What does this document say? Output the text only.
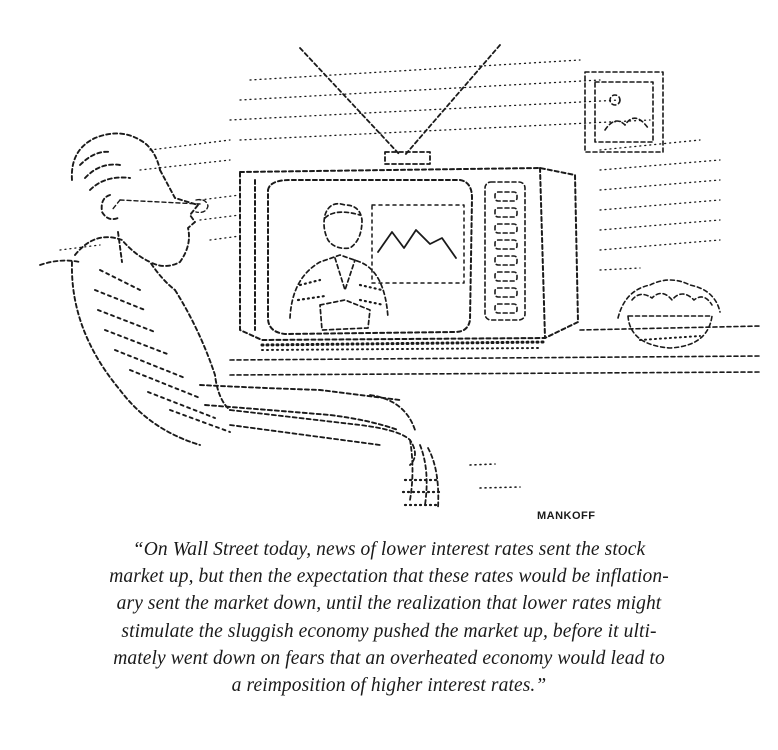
MANKOFF
“On Wall Street today, news of lower interest rates sent the stock
market up, but then the expectation that these rates would be inflation-
ary sent the market down, until the realization that lower rates might
stimulate the sluggish economy pushed the market up, before it ulti-
mately went down on fears that an overheated economy would lead to
a reimposition of higher interest rates.”
